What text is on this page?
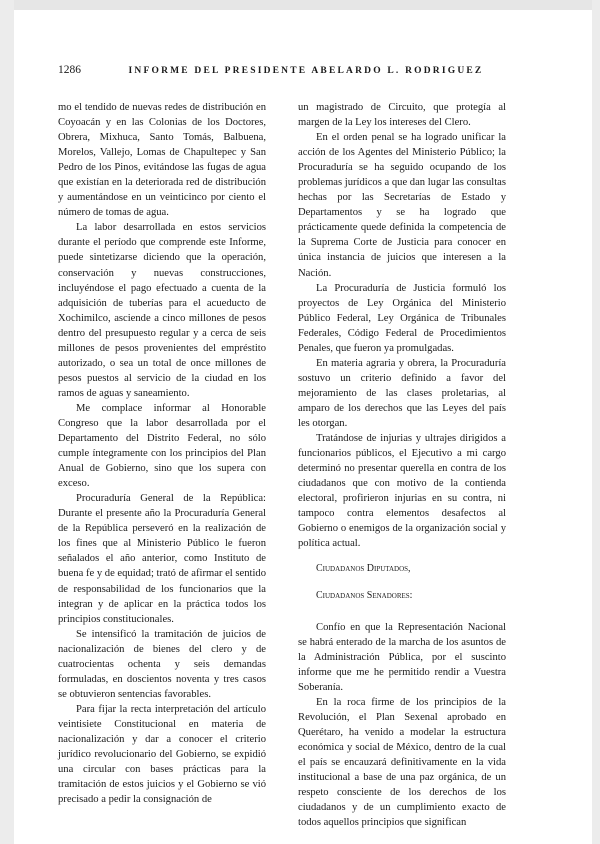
1286	INFORME DEL PRESIDENTE ABELARDO L. RODRIGUEZ

mo el tendido de nuevas redes de distribución en Coyoacán y en las Colonias de los Doctores, Obrera, Mixhuca, Santo Tomás, Balbuena, Morelos, Vallejo, Lomas de Chapultepec y San Pedro de los Pinos, evitándose las fugas de agua que existían en la deteriorada red de distribución y aumentándose en un veinticinco por ciento el número de tomas de agua.

La labor desarrollada en estos servicios durante el período que comprende este Informe, puede sintetizarse diciendo que la operación, conservación y nuevas construcciones, incluyéndose el pago efectuado a cuenta de la adquisición de tuberías para el acueducto de Xochimilco, asciende a cinco millones de pesos dentro del presupuesto regular y a cerca de seis millones de pesos provenientes del empréstito autorizado, o sea un total de once millones de pesos puestos al servicio de la ciudad en los ramos de aguas y saneamiento.

Me complace informar al Honorable Congreso que la labor desarrollada por el Departamento del Distrito Federal, no sólo cumple íntegramente con los principios del Plan Anual de Gobierno, sino que los supera con exceso.

Procuraduría General de la República: Durante el presente año la Procuraduría General de la República perseveró en la realización de los fines que al Ministerio Público le fueron señalados el año anterior, como Instituto de buena fe y de equidad; trató de afirmar el sentido de responsabilidad de los funcionarios que la integran y de aplicar en la práctica todos los principios constitucionales.

Se intensificó la tramitación de juicios de nacionalización de bienes del clero y de cuatrocientas ochenta y seis demandas formuladas, en doscientos noventa y tres casos se obtuvieron sentencias favorables.

Para fijar la recta interpretación del artículo veintisiete Constitucional en materia de nacionalización y dar a conocer el criterio jurídico revolucionario del Gobierno, se expidió una circular con bases prácticas para la tramitación de estos juicios y el Gobierno se vió precisado a pedir la consignación de

un magistrado de Circuito, que protegía al margen de la Ley los intereses del Clero.

En el orden penal se ha logrado unificar la acción de los Agentes del Ministerio Público; la Procuraduría se ha seguido ocupando de los problemas jurídicos a que dan lugar las consultas hechas por las Secretarías de Estado y Departamentos y se ha logrado que prácticamente quede definida la competencia de la Suprema Corte de Justicia para conocer en única instancia de juicios que interesen a la Nación.

La Procuraduría de Justicia formuló los proyectos de Ley Orgánica del Ministerio Público Federal, Ley Orgánica de Tribunales Federales, Código Federal de Procedimientos Penales, que fueron ya promulgadas.

En materia agraria y obrera, la Procuraduría sostuvo un criterio definido a favor del mejoramiento de las clases proletarias, al amparo de los derechos que las Leyes del país les otorgan.

Tratándose de injurias y ultrajes dirigidos a funcionarios públicos, el Ejecutivo a mi cargo determinó no presentar querella en contra de los ciudadanos que con motivo de la contienda electoral, profirieron injurias en su contra, ni tampoco contra elementos desafectos al Gobierno o enemigos de la organización social y política actual.

Ciudadanos Diputados,

Ciudadanos Senadores:

Confío en que la Representación Nacional se habrá enterado de la marcha de los asuntos de la Administración Pública, por el suscinto informe que me he permitido rendir a Vuestra Soberanía.

En la roca firme de los principios de la Revolución, el Plan Sexenal aprobado en Querétaro, ha venido a modelar la estructura económica y social de México, dentro de la cual el país se encauzará definitivamente en la vida institucional a base de una paz orgánica, de un respeto consciente de los derechos de los ciudadanos y de un cumplimiento exacto de todos aquellos principios que significan
